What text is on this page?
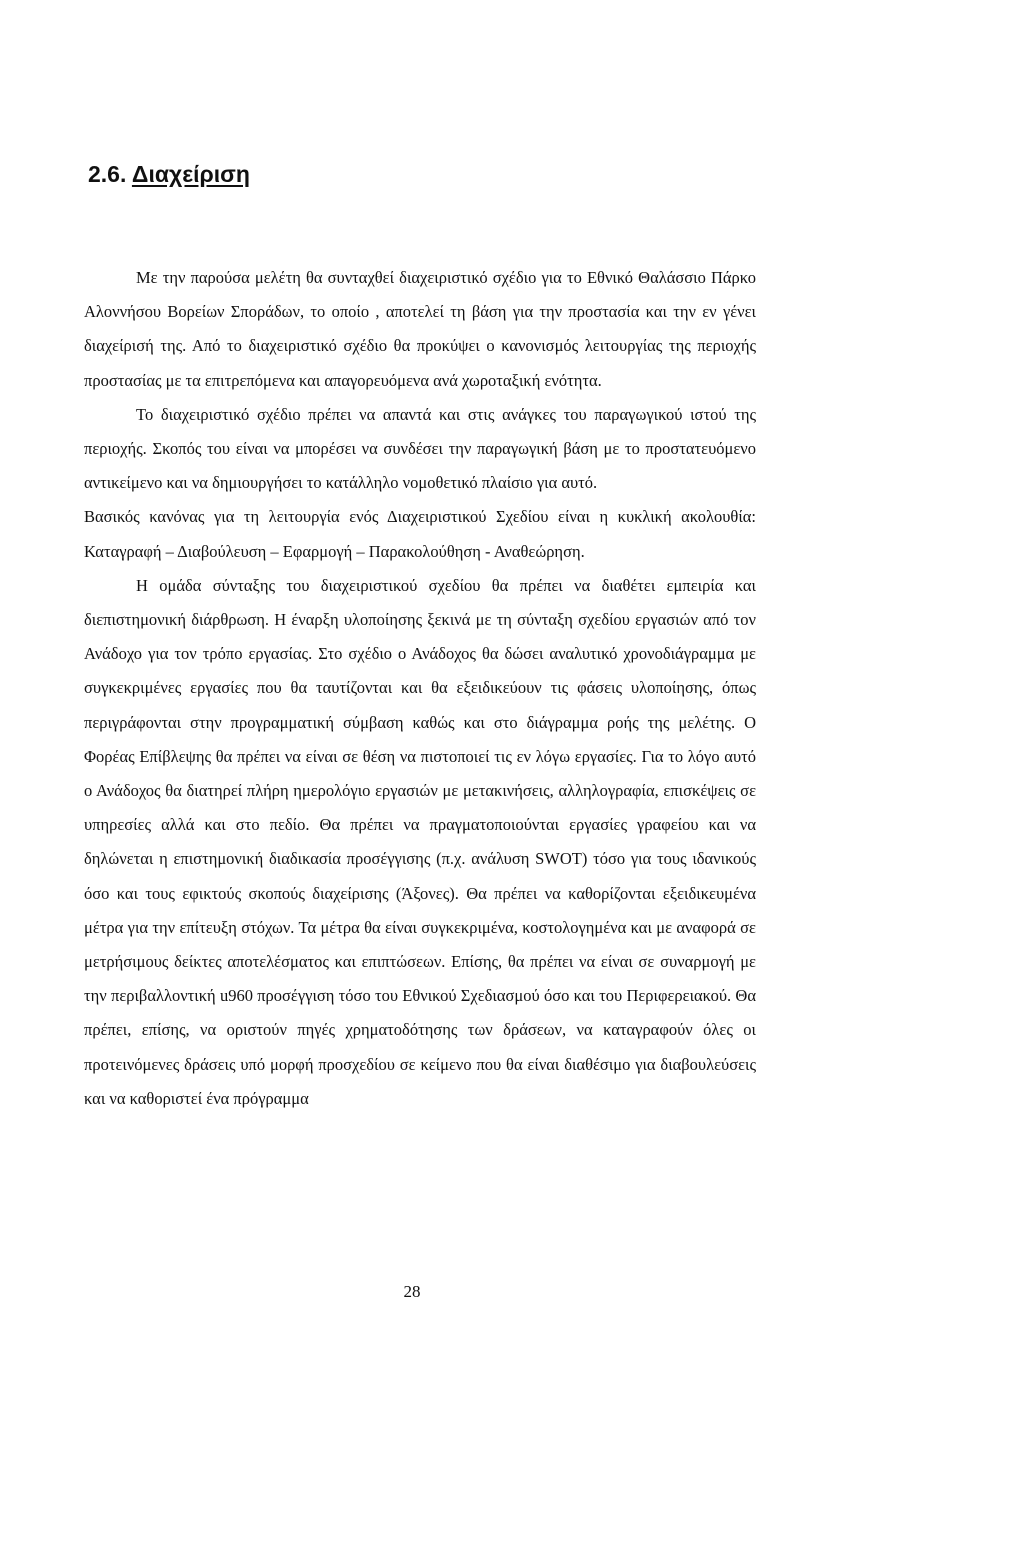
2.6. Διαχείριση

Με την παρούσα μελέτη θα συνταχθεί διαχειριστικό σχέδιο για το Εθνικό Θαλάσσιο Πάρκο Αλοννήσου Βορείων Σποράδων, το οποίο , αποτελεί τη βάση για την προστασία και την εν γένει διαχείρισή της. Από το διαχειριστικό σχέδιο θα προκύψει ο κανονισμός λειτουργίας της περιοχής προστασίας με τα επιτρεπόμενα και απαγορευόμενα ανά χωροταξική ενότητα.

Το διαχειριστικό σχέδιο πρέπει να απαντά και στις ανάγκες του παραγωγικού ιστού της περιοχής. Σκοπός του είναι να μπορέσει να συνδέσει την παραγωγική βάση με το προστατευόμενο αντικείμενο και να δημιουργήσει το κατάλληλο νομοθετικό πλαίσιο για αυτό.

Βασικός κανόνας για τη λειτουργία ενός Διαχειριστικού Σχεδίου είναι η κυκλική ακολουθία: Καταγραφή – Διαβούλευση – Εφαρμογή – Παρακολούθηση - Αναθεώρηση.

Η ομάδα σύνταξης του διαχειριστικού σχεδίου θα πρέπει να διαθέτει εμπειρία και διεπιστημονική διάρθρωση. Η έναρξη υλοποίησης ξεκινά με τη σύνταξη σχεδίου εργασιών από τον Ανάδοχο για τον τρόπο εργασίας. Στο σχέδιο ο Ανάδοχος θα δώσει αναλυτικό χρονοδιάγραμμα με συγκεκριμένες εργασίες που θα ταυτίζονται και θα εξειδικεύουν τις φάσεις υλοποίησης, όπως περιγράφονται στην προγραμματική σύμβαση καθώς και στο διάγραμμα ροής της μελέτης. Ο Φορέας Επίβλεψης θα πρέπει να είναι σε θέση να πιστοποιεί τις εν λόγω εργασίες. Για το λόγο αυτό ο Ανάδοχος θα διατηρεί πλήρη ημερολόγιο εργασιών με μετακινήσεις, αλληλογραφία, επισκέψεις σε υπηρεσίες αλλά και στο πεδίο. Θα πρέπει να πραγματοποιούνται εργασίες γραφείου και να δηλώνεται η επιστημονική διαδικασία προσέγγισης (π.χ. ανάλυση SWOT) τόσο για τους ιδανικούς όσο και τους εφικτούς σκοπούς διαχείρισης (Άξονες). Θα πρέπει να καθορίζονται εξειδικευμένα μέτρα για την επίτευξη στόχων. Τα μέτρα θα είναι συγκεκριμένα, κοστολογημένα και με αναφορά σε μετρήσιμους δείκτες αποτελέσματος και επιπτώσεων. Επίσης, θα πρέπει να είναι σε συναρμογή με την περιβαλλοντική u960 προσέγγιση τόσο του Εθνικού Σχεδιασμού όσο και του Περιφερειακού. Θα πρέπει, επίσης, να οριστούν πηγές χρηματοδότησης των δράσεων, να καταγραφούν όλες οι προτεινόμενες δράσεις υπό μορφή προσχεδίου σε κείμενο που θα είναι διαθέσιμο για διαβουλεύσεις και να καθοριστεί ένα πρόγραμμα

28
